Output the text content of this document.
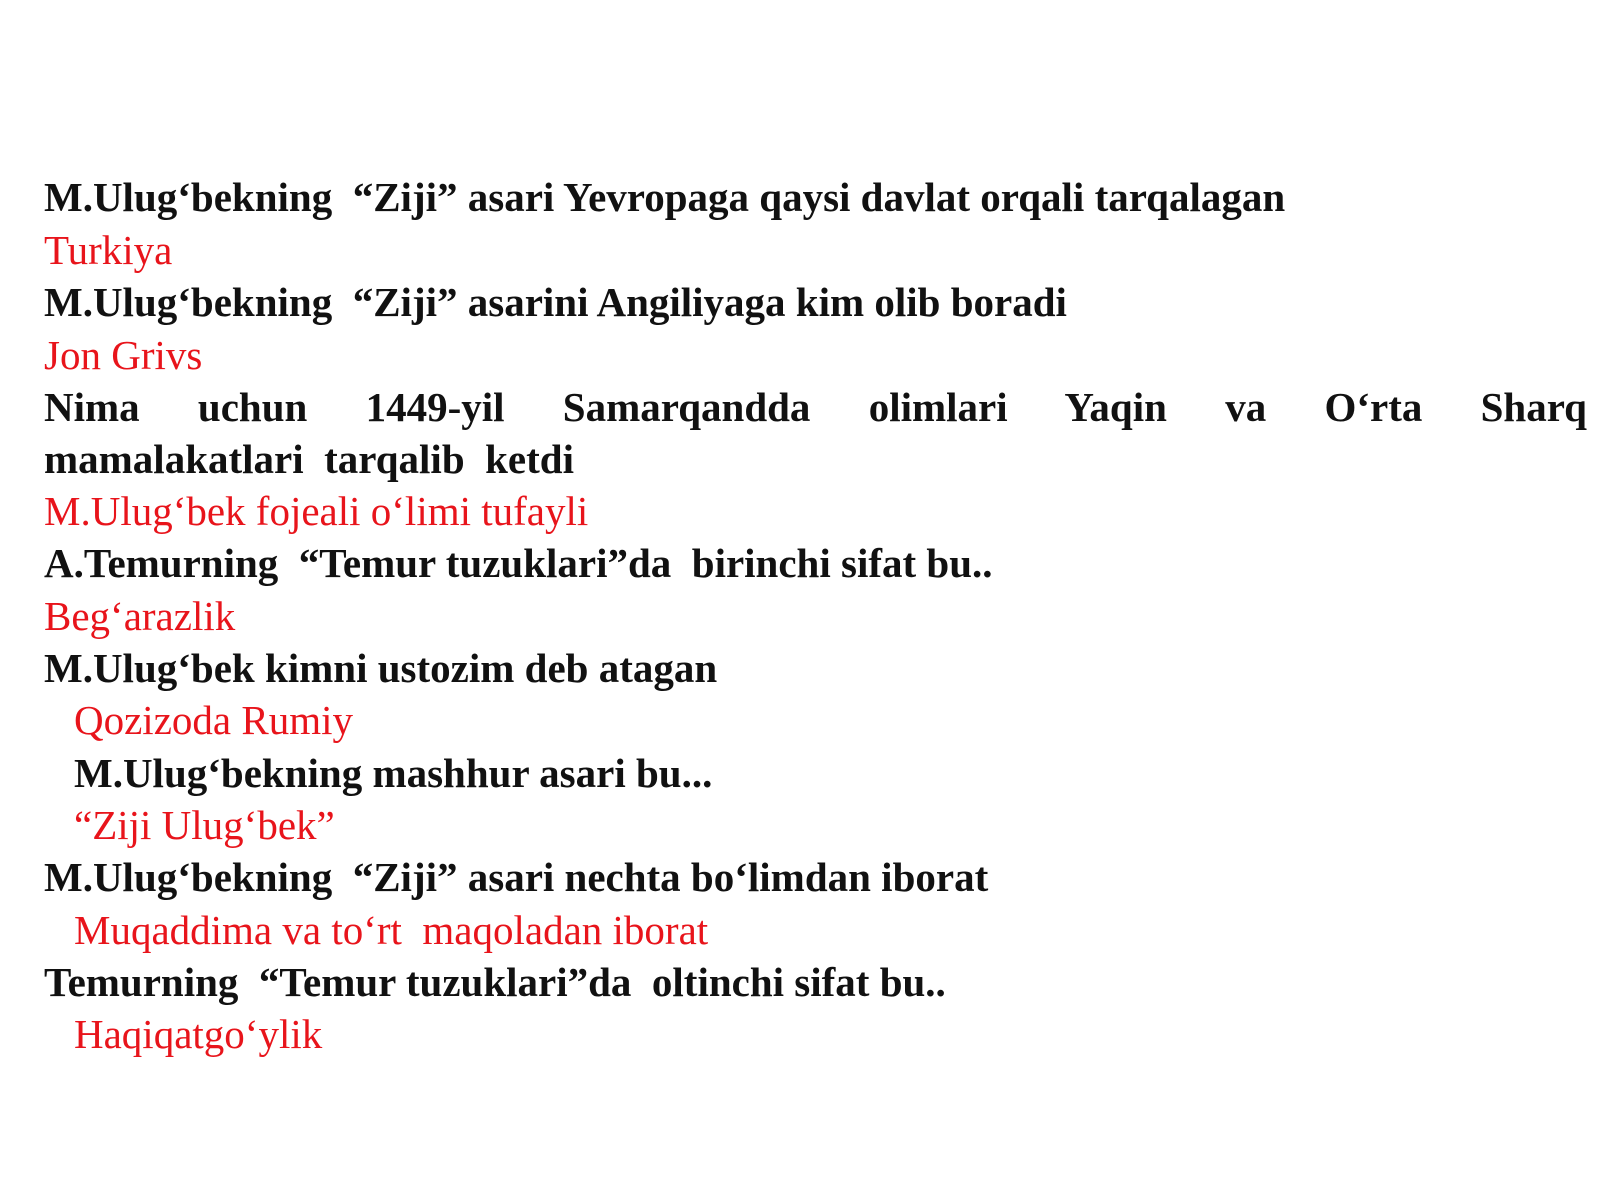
M.Ulug‘bekning  “Ziji” asari Yevropaga qaysi davlat orqali tarqalagan

Turkiya

M.Ulug‘bekning  “Ziji” asarini Angiliyaga kim olib boradi

Jon Grivs

Nima uchun 1449-yil Samarqandda olimlari Yaqin va O‘rta Sharq

mamalakatlari  tarqalib  ketdi

M.Ulug‘bek fojeali o‘limi tufayli

A.Temurning  “Temur tuzuklari”da  birinchi sifat bu..

Beg‘arazlik

M.Ulug‘bek kimni ustozim deb atagan

Qozizoda Rumiy

M.Ulug‘bekning mashhur asari bu...

“Ziji Ulug‘bek”

M.Ulug‘bekning  “Ziji” asari nechta bo‘limdan iborat

Muqaddima va to‘rt  maqoladan iborat

Temurning  “Temur tuzuklari”da  oltinchi sifat bu..

Haqiqatgo‘ylik
